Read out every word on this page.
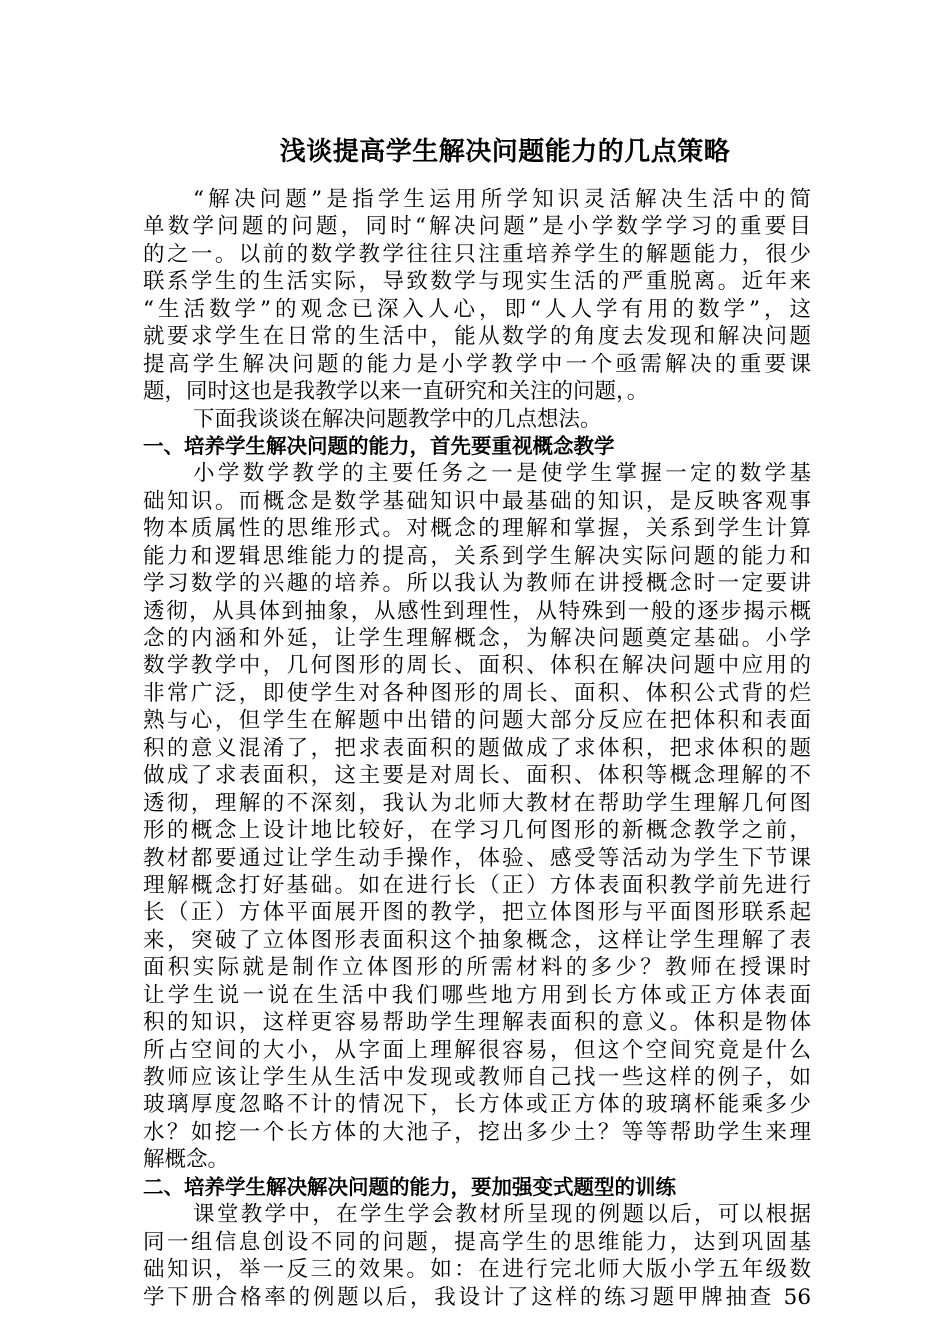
浅谈提高学生解决问题能力的几点策略
“解决问题”是指学生运用所学知识灵活解决生活中的简
单数学问题的问题，同时“解决问题”是小学数学学习的重要目
的之一。以前的数学教学往往只注重培养学生的解题能力，很少
联系学生的生活实际，导致数学与现实生活的严重脱离。近年来
“生活数学”的观念已深入人心，即“人人学有用的数学”，这
就要求学生在日常的生活中，能从数学的角度去发现和解决问题
提高学生解决问题的能力是小学教学中一个亟需解决的重要课
题，同时这也是我教学以来一直研究和关注的问题，。
下面我谈谈在解决问题教学中的几点想法。
一、培养学生解决问题的能力，首先要重视概念教学
小学数学教学的主要任务之一是使学生掌握一定的数学基
础知识。而概念是数学基础知识中最基础的知识，是反映客观事
物本质属性的思维形式。对概念的理解和掌握，关系到学生计算
能力和逻辑思维能力的提高，关系到学生解决实际问题的能力和
学习数学的兴趣的培养。所以我认为教师在讲授概念时一定要讲
透彻，从具体到抽象，从感性到理性，从特殊到一般的逐步揭示概
念的内涵和外延，让学生理解概念，为解决问题奠定基础。小学
数学教学中，几何图形的周长、面积、体积在解决问题中应用的
非常广泛，即使学生对各种图形的周长、面积、体积公式背的烂
熟与心，但学生在解题中出错的问题大部分反应在把体积和表面
积的意义混淆了，把求表面积的题做成了求体积，把求体积的题
做成了求表面积，这主要是对周长、面积、体积等概念理解的不
透彻，理解的不深刻，我认为北师大教材在帮助学生理解几何图
形的概念上设计地比较好，在学习几何图形的新概念教学之前，
教材都要通过让学生动手操作，体验、感受等活动为学生下节课
理解概念打好基础。如在进行长（正）方体表面积教学前先进行
长（正）方体平面展开图的教学，把立体图形与平面图形联系起
来，突破了立体图形表面积这个抽象概念，这样让学生理解了表
面积实际就是制作立体图形的所需材料的多少？教师在授课时
让学生说一说在生活中我们哪些地方用到长方体或正方体表面
积的知识，这样更容易帮助学生理解表面积的意义。体积是物体
所占空间的大小，从字面上理解很容易，但这个空间究竟是什么
教师应该让学生从生活中发现或教师自己找一些这样的例子，如
玻璃厚度忽略不计的情况下，长方体或正方体的玻璃杯能乘多少
水？如挖一个长方体的大池子，挖出多少土？等等帮助学生来理
解概念。
二、培养学生解决解决问题的能力，要加强变式题型的训练
课堂教学中，在学生学会教材所呈现的例题以后，可以根据
同一组信息创设不同的问题，提高学生的思维能力，达到巩固基
础知识，举一反三的效果。如：在进行完北师大版小学五年级数
学下册合格率的例题以后，我设计了这样的练习题甲牌抽查 56
